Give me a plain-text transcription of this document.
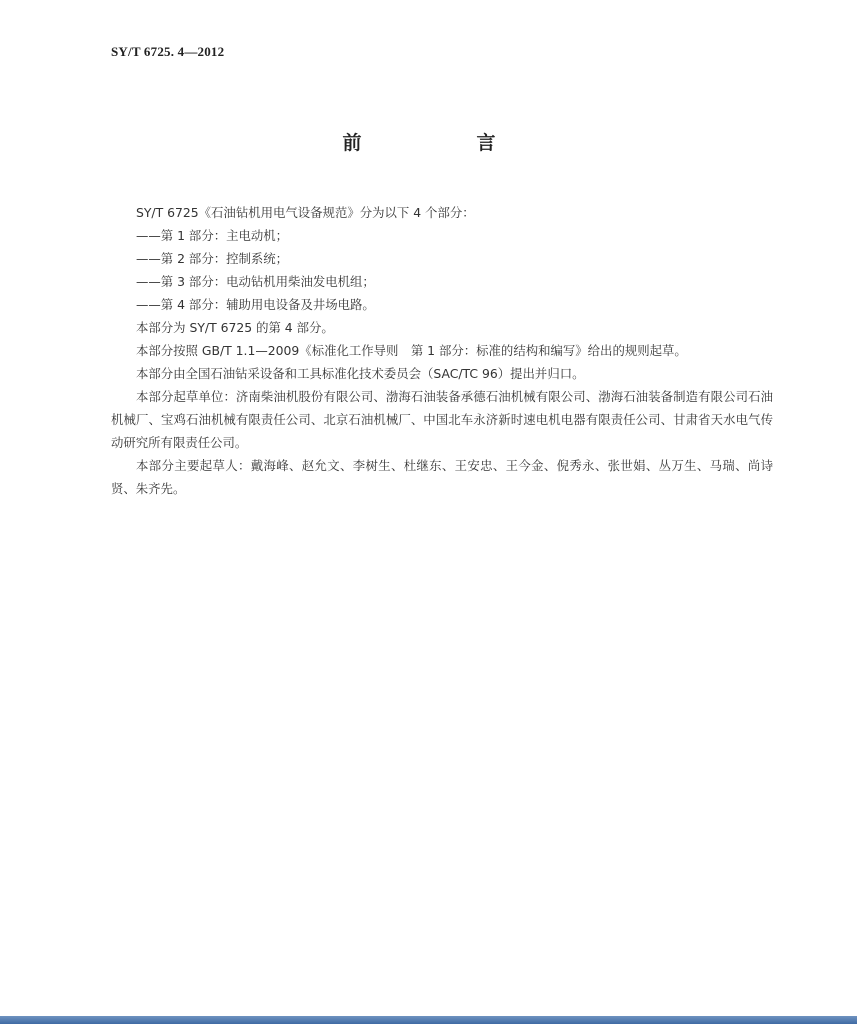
SY/T 6725. 4—2012
前　言

SY/T 6725《石油钻机用电气设备规范》分为以下 4 个部分：

——第 1 部分：主电动机；

——第 2 部分：控制系统；

——第 3 部分：电动钻机用柴油发电机组；

——第 4 部分：辅助用电设备及井场电路。

本部分为 SY/T 6725 的第 4 部分。

本部分按照 GB/T 1.1—2009《标准化工作导则　第 1 部分：标准的结构和编写》给出的规则起草。

本部分由全国石油钻采设备和工具标准化技术委员会（SAC/TC 96）提出并归口。

本部分起草单位：济南柴油机股份有限公司、渤海石油装备承德石油机械有限公司、渤海石油装备制造有限公司石油机械厂、宝鸡石油机械有限责任公司、北京石油机械厂、中国北车永济新时速电机电器有限责任公司、甘肃省天水电气传动研究所有限责任公司。

本部分主要起草人：戴海峰、赵允文、李树生、杜继东、王安忠、王今金、倪秀永、张世娟、丛万生、马瑞、尚诗贤、朱齐先。
